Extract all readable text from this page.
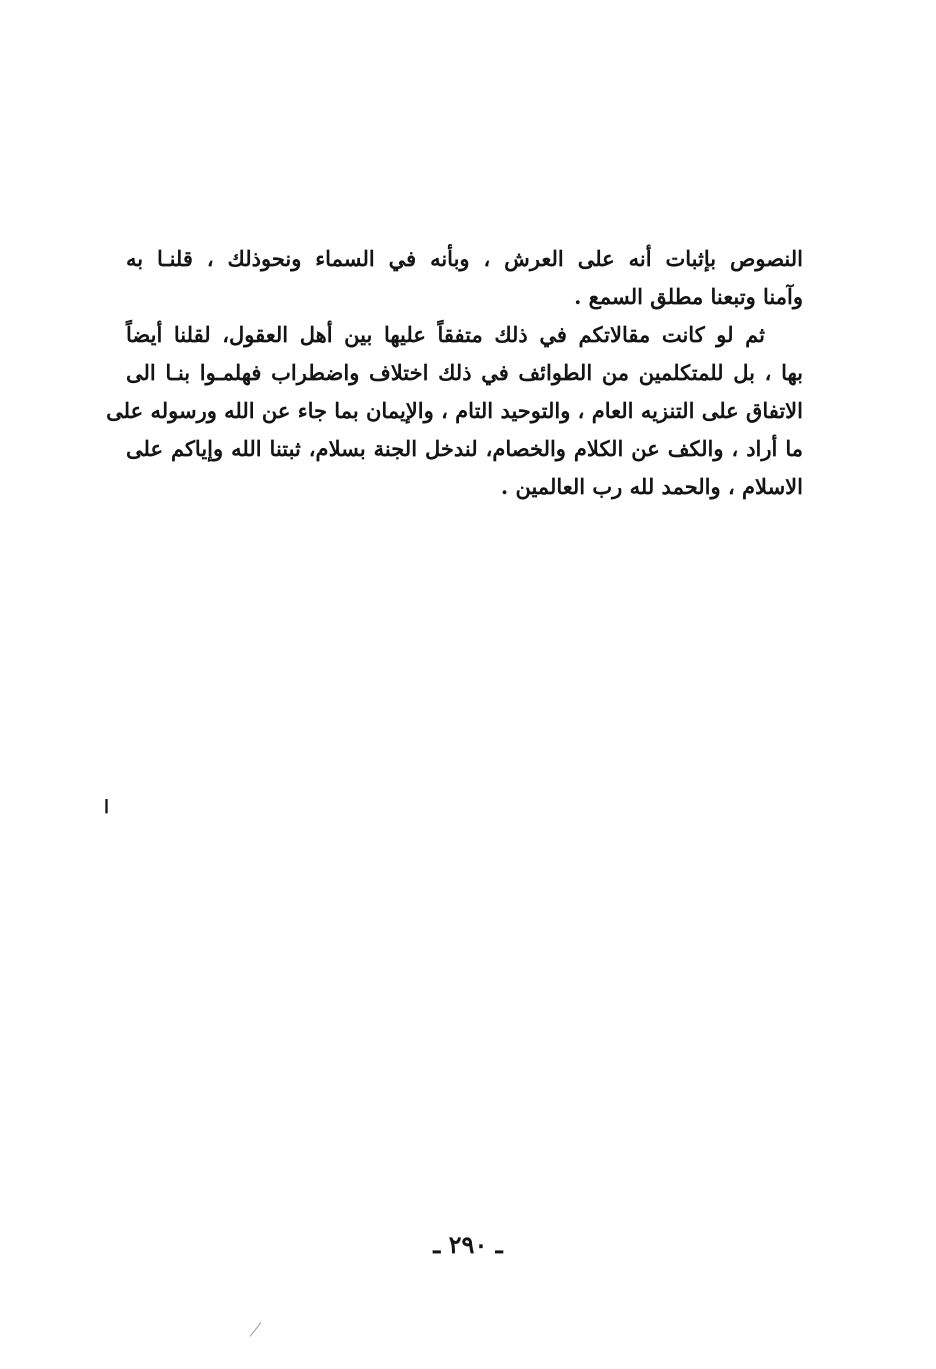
النصوص بإثبات أنه على العرش ، وبأنه في السماء ونحوذلك ، قلنـا به
وآمنا وتبعنا مطلق السمع .
ثم لو كانت مقالاتكم في ذلك متفقاً عليها بين أهل العقول، لقلنا أيضاً
بها ، بل للمتكلمين من الطوائف في ذلك اختلاف واضطراب فهلمـوا بنـا الى
الاتفاق على التنزيه العام ، والتوحيد التام ، والإيمان بما جاء عن الله ورسوله على
ما أراد ، والكف عن الكلام والخصام، لندخل الجنة بسلام، ثبتنا الله وإياكم على
الاسلام ، والحمد لله رب العالمين .
ا
ـ ٢٩٠ ـ
